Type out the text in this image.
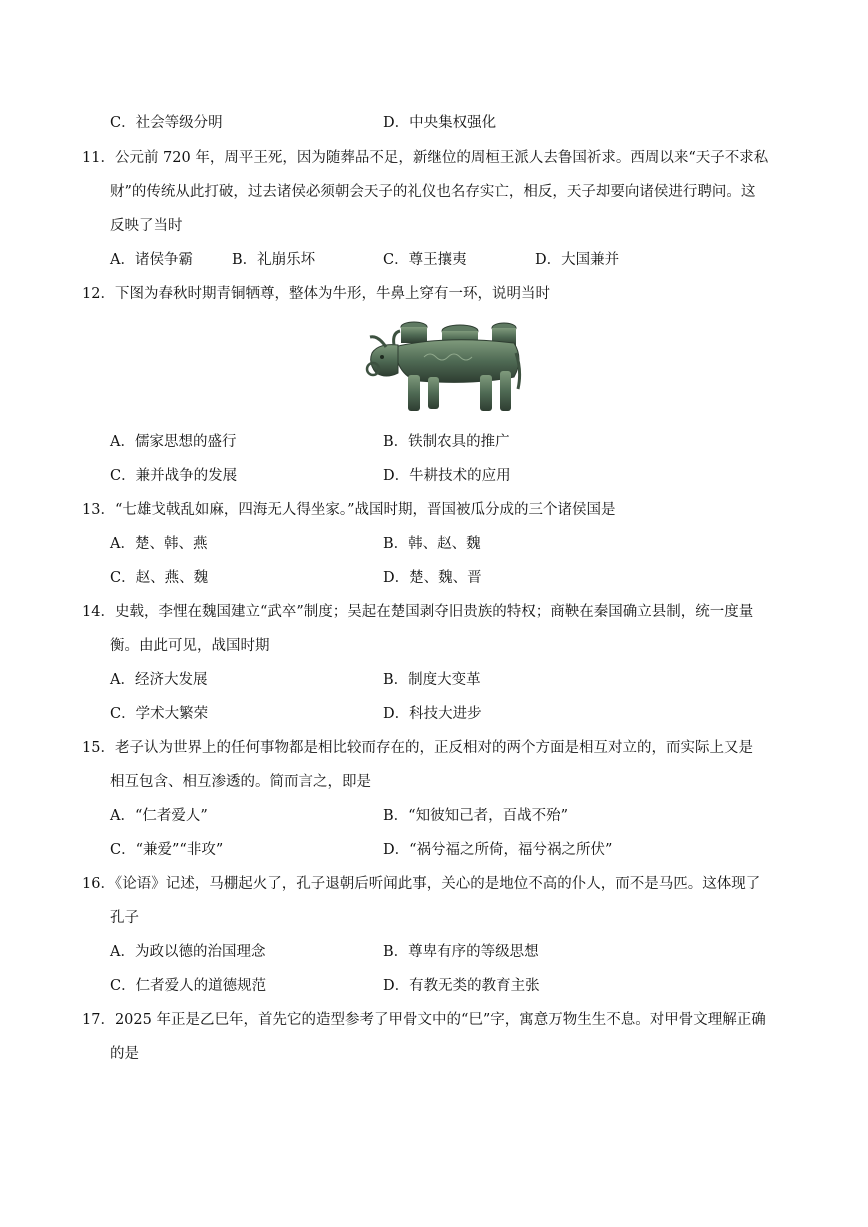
C．社会等级分明	D．中央集权强化
11．公元前 720 年，周平王死，因为随葬品不足，新继位的周桓王派人去鲁国祈求。西周以来“天子不求私
财”的传统从此打破，过去诸侯必须朝会天子的礼仪也名存实亡，相反，天子却要向诸侯进行聘问。这
反映了当时
A．诸侯争霸	B．礼崩乐坏	C．尊王攘夷	D．大国兼并
12．下图为春秋时期青铜牺尊，整体为牛形，牛鼻上穿有一环，说明当时
A．儒家思想的盛行	B．铁制农具的推广
C．兼并战争的发展	D．牛耕技术的应用
13．“七雄戈戟乱如麻，四海无人得坐家。”战国时期，晋国被瓜分成的三个诸侯国是
A．楚、韩、燕	B．韩、赵、魏
C．赵、燕、魏	D．楚、魏、晋
14．史载，李悝在魏国建立“武卒”制度；吴起在楚国剥夺旧贵族的特权；商鞅在秦国确立县制，统一度量
衡。由此可见，战国时期
A．经济大发展	B．制度大变革
C．学术大繁荣	D．科技大进步
15．老子认为世界上的任何事物都是相比较而存在的，正反相对的两个方面是相互对立的，而实际上又是
相互包含、相互渗透的。简而言之，即是
A．“仁者爱人”	B．“知彼知己者，百战不殆”
C．“兼爱”“非攻”	D．“祸兮福之所倚，福兮祸之所伏”
16．《论语》记述，马棚起火了，孔子退朝后听闻此事，关心的是地位不高的仆人，而不是马匹。这体现了
孔子
A．为政以德的治国理念	B．尊卑有序的等级思想
C．仁者爱人的道德规范	D．有教无类的教育主张
17．2025 年正是乙巳年，首先它的造型参考了甲骨文中的“巳”字，寓意万物生生不息。对甲骨文理解正确
的是
